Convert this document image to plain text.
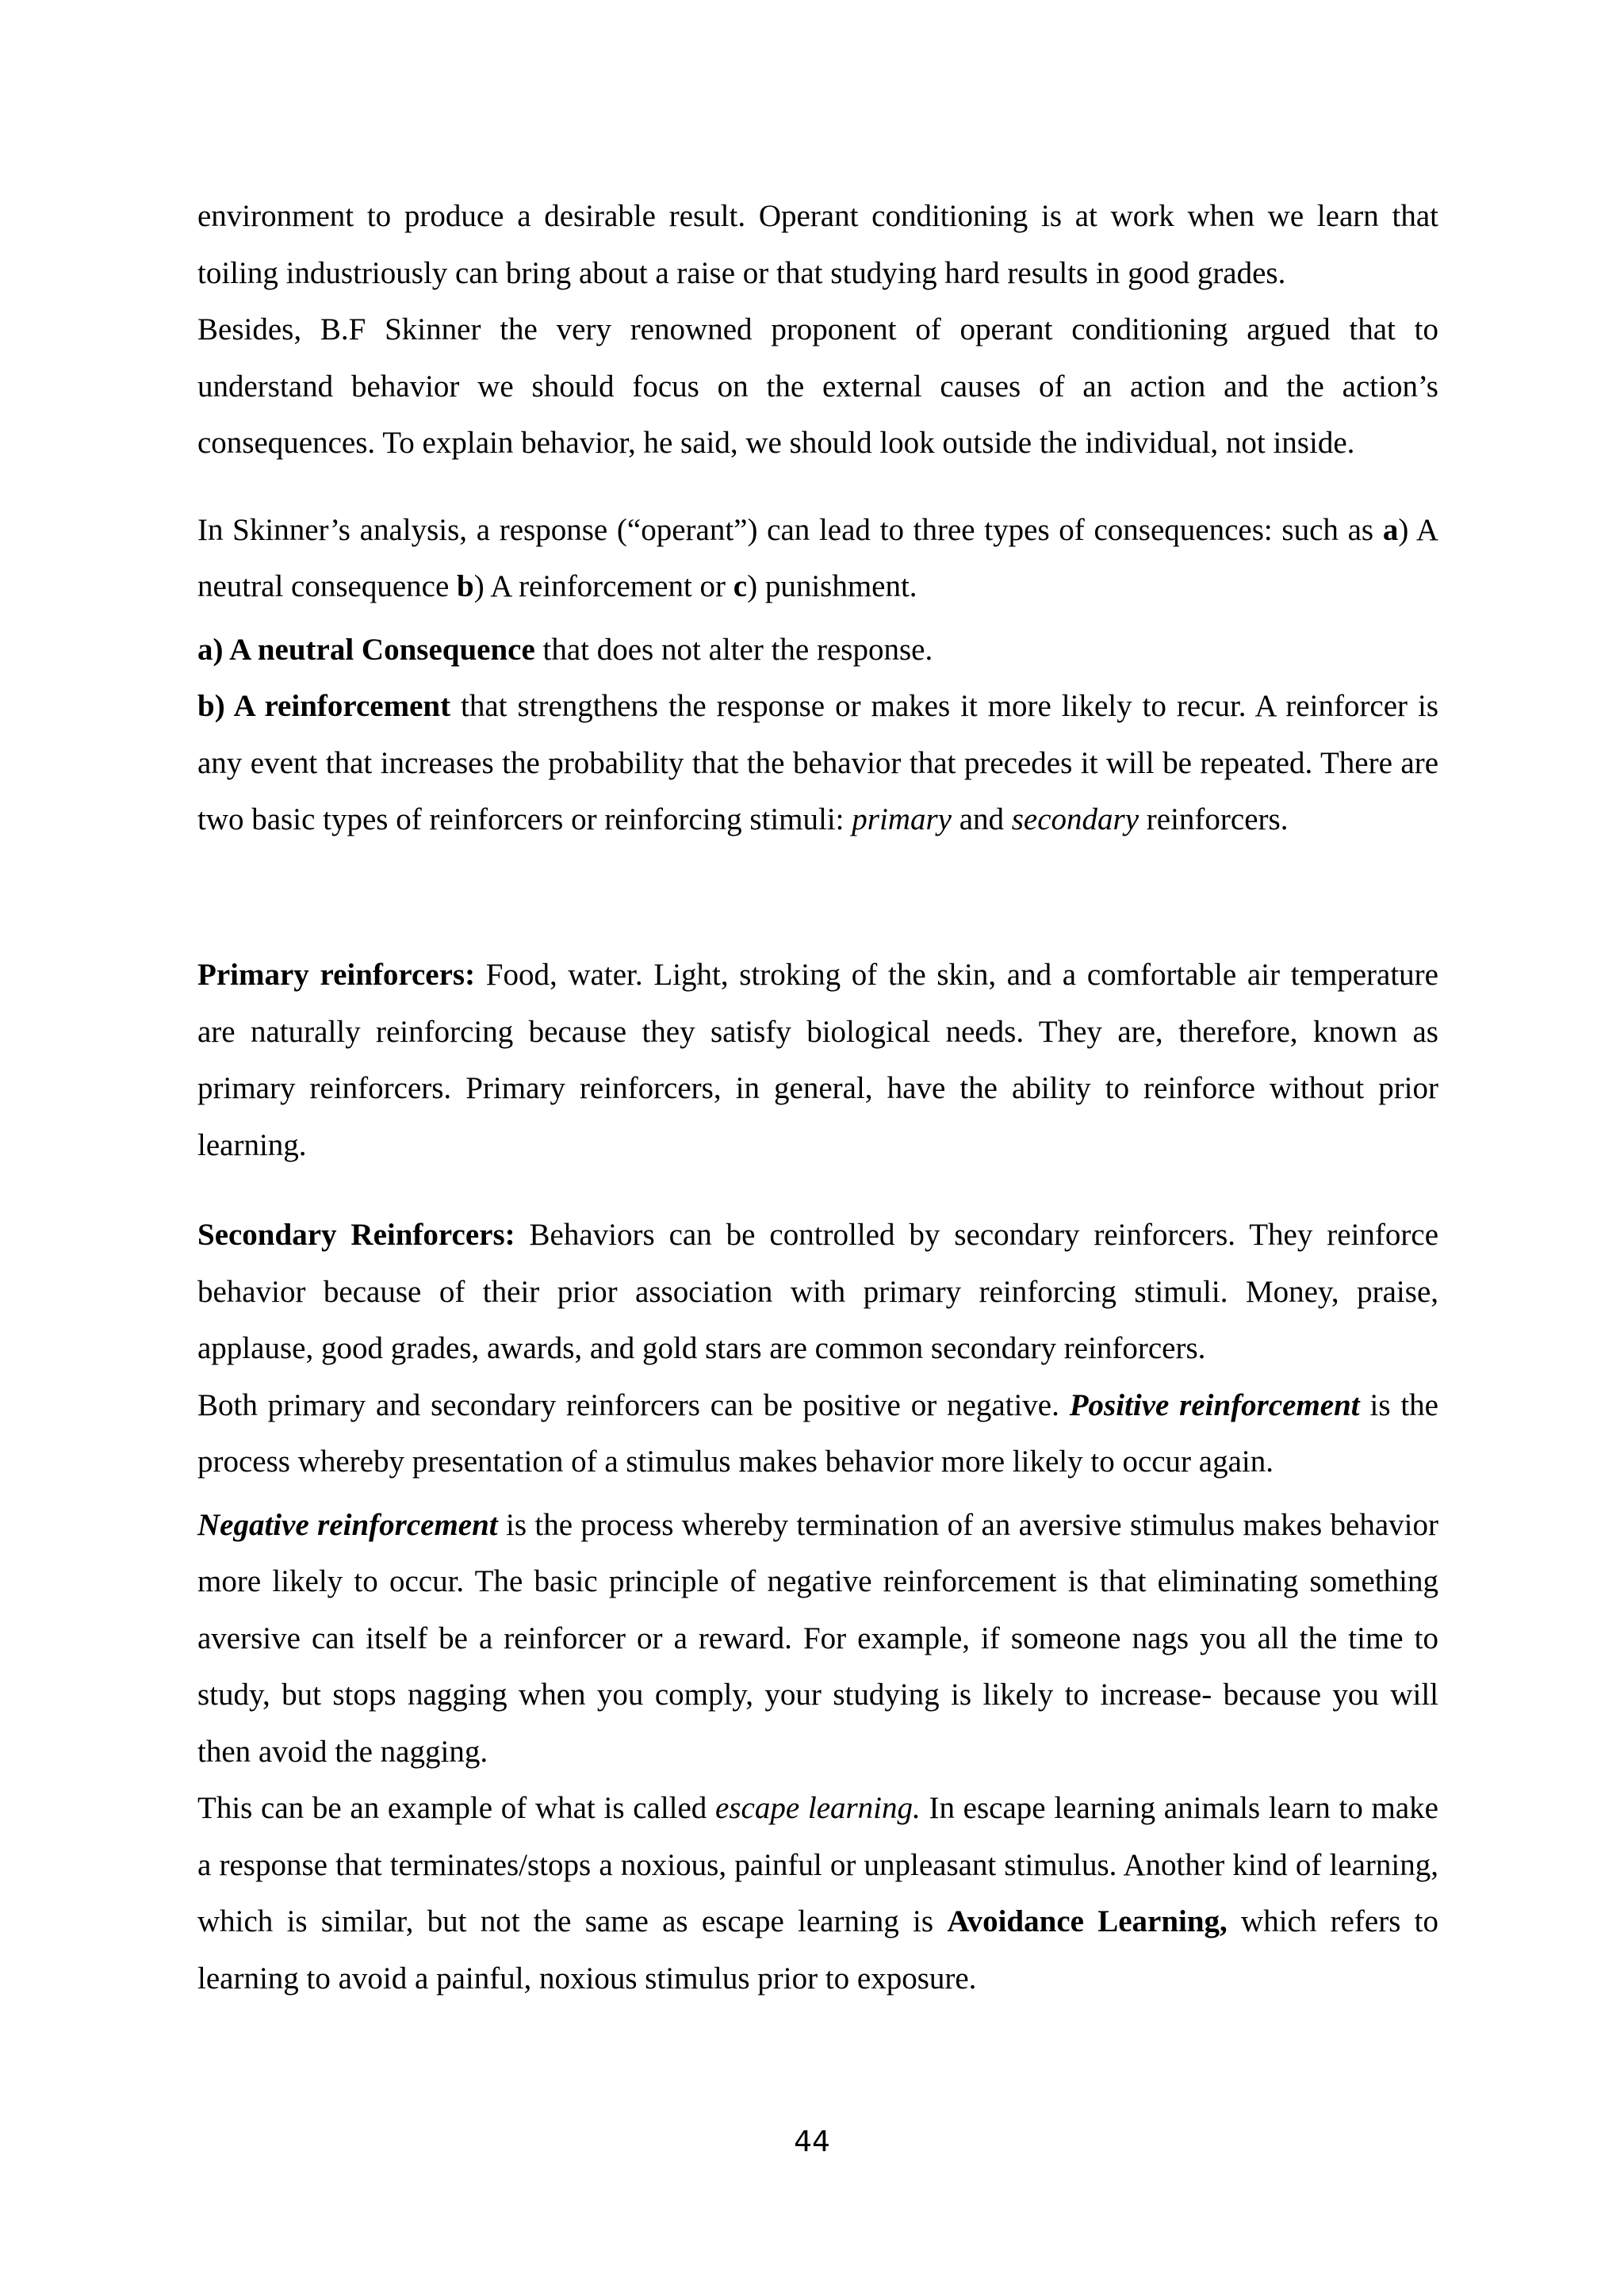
environment to produce a desirable result. Operant conditioning is at work when we learn that toiling industriously can bring about a raise or that studying hard results in good grades.

Besides, B.F Skinner the very renowned proponent of operant conditioning argued that to understand behavior we should focus on the external causes of an action and the action’s consequences. To explain behavior, he said, we should look outside the individual, not inside.

In Skinner’s analysis, a response (“operant”) can lead to three types of consequences: such as a) A neutral consequence b) A reinforcement or c) punishment.

a) A neutral Consequence that does not alter the response.

b) A reinforcement that strengthens the response or makes it more likely to recur. A reinforcer is any event that increases the probability that the behavior that precedes it will be repeated. There are two basic types of reinforcers or reinforcing stimuli: primary and secondary reinforcers.

Primary reinforcers: Food, water. Light, stroking of the skin, and a comfortable air temperature are naturally reinforcing because they satisfy biological needs. They are, therefore, known as primary reinforcers. Primary reinforcers, in general, have the ability to reinforce without prior learning.

Secondary Reinforcers: Behaviors can be controlled by secondary reinforcers. They reinforce behavior because of their prior association with primary reinforcing stimuli. Money, praise, applause, good grades, awards, and gold stars are common secondary reinforcers.

Both primary and secondary reinforcers can be positive or negative. Positive reinforcement is the process whereby presentation of a stimulus makes behavior more likely to occur again.

Negative reinforcement is the process whereby termination of an aversive stimulus makes behavior more likely to occur. The basic principle of negative reinforcement is that eliminating something aversive can itself be a reinforcer or a reward. For example, if someone nags you all the time to study, but stops nagging when you comply, your studying is likely to increase- because you will then avoid the nagging.

This can be an example of what is called escape learning. In escape learning animals learn to make a response that terminates/stops a noxious, painful or unpleasant stimulus. Another kind of learning, which is similar, but not the same as escape learning is Avoidance Learning, which refers to learning to avoid a painful, noxious stimulus prior to exposure.

44
